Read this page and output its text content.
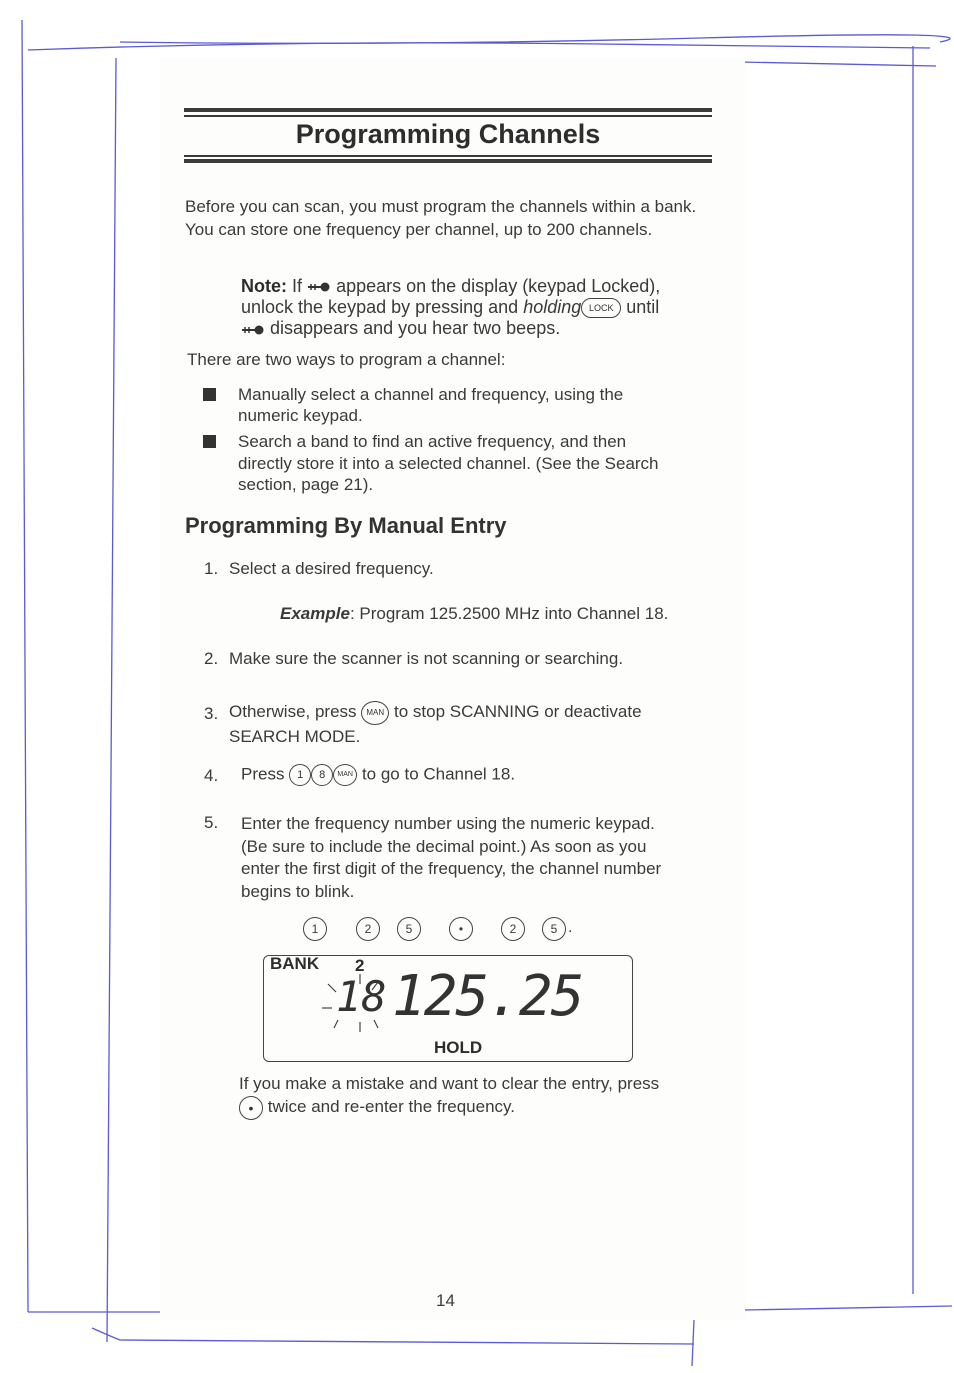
Programming Channels
Before you can scan, you must program the channels within a bank. You can store one frequency per channel, up to 200 channels.
Note: If appears on the display (keypad Locked),
unlock the keypad by pressing and holding LOCK until
disappears and you hear two beeps.
There are two ways to program a channel:
Manually select a channel and frequency, using the
numeric keypad.
Search a band to find an active frequency, and then
directly store it into a selected channel. (See the Search
section, page 21).
Programming By Manual Entry
1. Select a desired frequency.
Example: Program 125.2500 MHz into Channel 18.
2. Make sure the scanner is not scanning or searching.
3. Otherwise, press MAN to stop SCANNING or deactivate
SEARCH MODE.
4. Press 1 8 MAN to go to Channel 18.
5. Enter the frequency number using the numeric keypad.
(Be sure to include the decimal point.) As soon as you
enter the first digit of the frequency, the channel number
begins to blink.
1	2	5	•	2	5 .
BANK 2
18 125.25
HOLD
If you make a mistake and want to clear the entry, press
• twice and re-enter the frequency.
14
